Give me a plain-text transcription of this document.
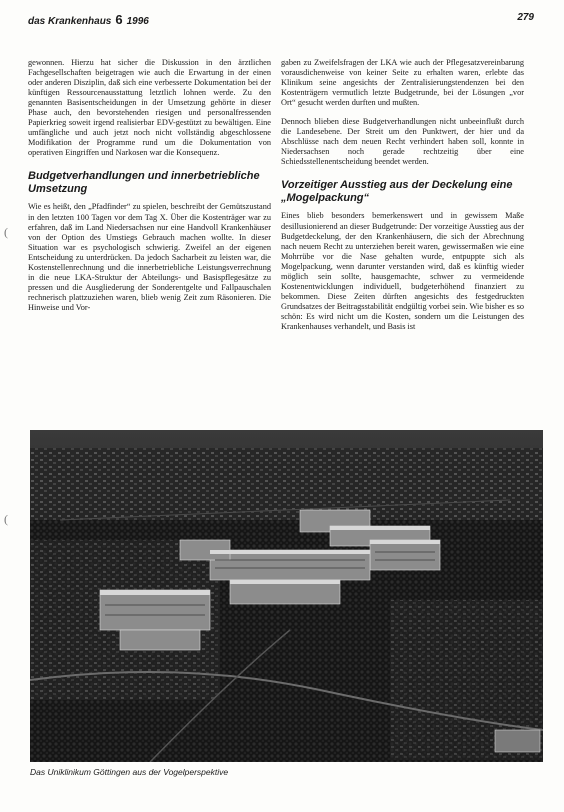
das Krankenhaus 6 1996	279

gewonnen. Hierzu hat sicher die Diskussion in den ärztlichen Fachgesellschaften beigetragen wie auch die Erwartung in der einen oder anderen Disziplin, daß sich eine verbesserte Dokumentation bei der künftigen Ressourcenausstattung letztlich lohnen werde. Zu den genannten Basisentscheidungen in der Umsetzung gehörte in dieser Phase auch, den bevorstehenden riesigen und personalfressenden Papierkrieg soweit irgend realisierbar EDV-gestützt zu bewältigen. Eine umfängliche und auch jetzt noch nicht vollständig abgeschlossene Modifikation der Programme rund um die Dokumentation von operativen Eingriffen und Narkosen war die Konsequenz.

Budgetverhandlungen und innerbetriebliche Umsetzung

Wie es heißt, den „Pfadfinder“ zu spielen, beschreibt der Gemütszustand in den letzten 100 Tagen vor dem Tag X. Über die Kostenträger war zu erfahren, daß im Land Niedersachsen nur eine Handvoll Krankenhäuser von der Option des Umstiegs Gebrauch machen wollte. In dieser Situation war es psychologisch schwierig. Zweifel an der eigenen Entscheidung zu unterdrücken. Da jedoch Sacharbeit zu leisten war, die Kostenstellenrechnung und die innerbetriebliche Leistungsverrechnung in die neue LKA-Struktur der Abteilungs- und Basispflegesätze zu pressen und die Ausgliederung der Sonderentgelte und Fallpauschalen rechnerisch plattzuziehen waren, blieb wenig Zeit zum Räsonieren. Die Hinweise und Vor-

gaben zu Zweifelsfragen der LKA wie auch der Pflegesatzvereinbarung vorausdichenweise von keiner Seite zu erhalten waren, erlebte das Klinikum seine angesichts der Zentralisierungstendenzen bei den Kostenträgern vermutlich letzte Budgetrunde, bei der Lösungen „vor Ort“ gesucht werden durften und mußten.

Dennoch blieben diese Budgetverhandlungen nicht unbeeinflußt durch die Landesebene. Der Streit um den Punktwert, der hier und da Abschlüsse nach dem neuen Recht verhindert haben soll, konnte in Niedersachsen noch gerade rechtzeitig über eine Schiedsstellenentscheidung beendet werden.

Vorzeitiger Ausstieg aus der Deckelung eine „Mogelpackung“

Eines blieb besonders bemerkenswert und in gewissem Maße desillusionierend an dieser Budgetrunde: Der vorzeitige Ausstieg aus der Budgetdeckelung, der den Krankenhäusern, die sich der Abrechnung nach neuem Recht zu unterziehen bereit waren, gewissermaßen wie eine Mohrrübe vor die Nase gehalten wurde, entpuppte sich als Mogelpackung, wenn darunter verstanden wird, daß es künftig wieder möglich sein sollte, hausgemachte, schwer zu vermeidende Kostenentwicklungen individuell, budgeterhöhend finanziert zu bekommen. Diese Zeiten dürften angesichts des festgedruckten Grundsatzes der Beitragsstabilität endgültig vorbei sein. Wie bisher es so schön: Es wird nicht um die Kosten, sondern um die Leistungen des Krankenhauses verhandelt, und Basis ist

Das Uniklinikum Göttingen aus der Vogelperspektive
(
(
